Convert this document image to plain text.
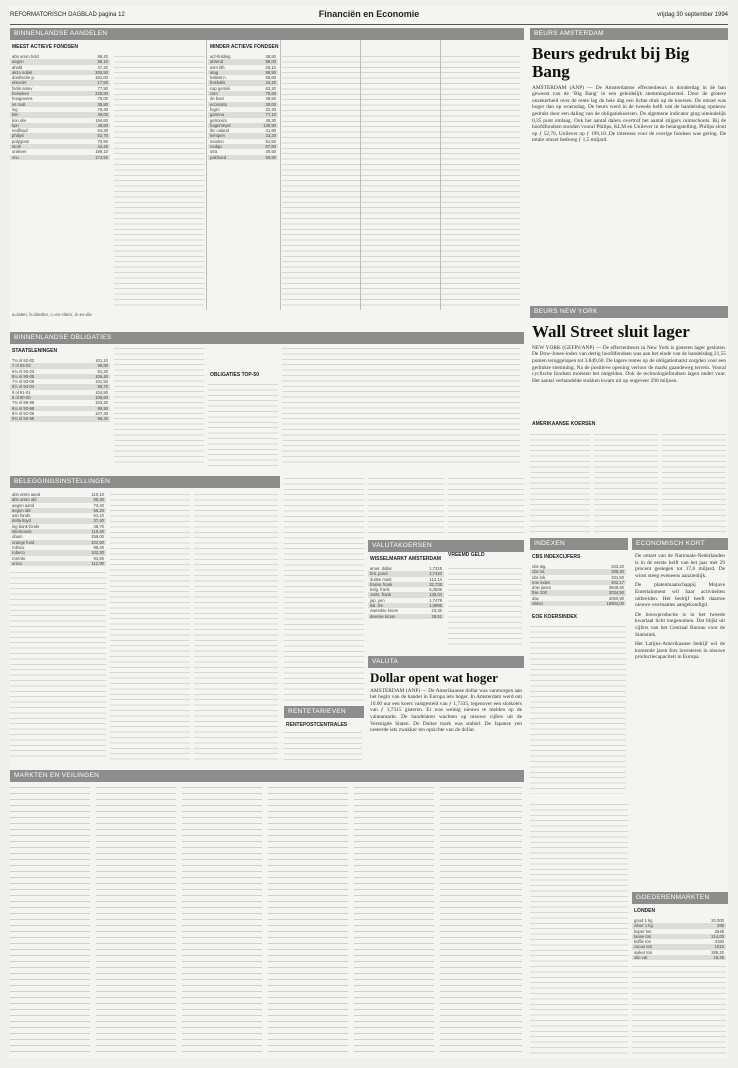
REFORMATORISCH DAGBLAD pagina 12	Financiën en Economie	vrijdag 30 september 1994
BINNENLANDSE AANDELEN
MEEST ACTIEVE FONDSEN
abn amro hold	58,40
aegon	98,10
ahold	47,20
akzo nobel	205,50
dordtsche p.	181,00
elsevier	17,50
fortis amev	77,90
heineken	229,80
hoogovens	78,00
int.mull.	35,80
ing	76,30
klm	49,00
kon.olie	194,60
kpn	49,60
nedlloyd	64,30
philips	52,70
polygram	70,90
stork	44,40
unilever	199,10
vnu	174,50
MINDER ACTIEVE FONDSEN
acf-holding	38,50
ahrend	98,00
asm lith.	25,10
atag	98,90
ballast n.	55,60
boskalis	34,40
cap gemini	63,20
csm	75,50
de boer	49,50
econosto	30,00
fugro	32,40
gamma	77,10
getronics	45,30
hagemeyer	135,90
ihc caland	41,90
kempen	23,20
moolen	51,50
nedap	87,60
otra	40,50
pakhoed	50,90
a=laten, b=bieden, c=ex-claim, d=ex-div
BINNENLANDSE OBLIGATIES
STAATSLENINGEN
7¼ nl 92-02	101,10
7 nl 93-03	99,80
6¾ nl 93-23	91,20
8¼ nl 90-05	106,40
7½ nl 93-08	101,50
6½ nl 94-04	95,70
8 nl 91-01	104,80
9 nl 90-00	108,60
7¾ nl 89-99	103,20
6¼ nl 93-98	98,90
8½ nl 91-06	107,30
5¾ nl 93-99	96,40
OBLIGATIES TOP-50
BELEGGINGSINSTELLINGEN
abn amro aand	110,10
abn amro obl	96,30
aegon aand	73,40
aegon obl	56,20
asn fonds	61,10
delta lloyd	37,40
ing bank fonds	48,70
interbonds	119,40
obam	256,00
orange fund	102,50
rolinco	96,40
robeco	102,30
rorento	91,60
unico	112,90
RENTETARIEVEN
RENTEPOSTCENTRALES
VALUTAKOERSEN
WISSELMARKT AMSTERDAM
amer. dollar	1,7315
brit. pond	2,7420
duitse mark	112,14
franse frank	32,735
belg. frank	5,4505
zwits. frank	135,04
jap. yen	1,7478
ital. lire	1,0995
zweedse kroon	23,32
deense kroon	28,61
VREEMD GELD
VALUTA
Dollar opent wat hoger
AMSTERDAM (ANP) — De Amerikaanse dollar was vanmorgen aan het begin van de handel in Europa iets hoger. In Amsterdam werd om 10.00 uur een koers vastgesteld van ƒ 1,7335, tegenover een slotkoers van ƒ 1,7315 gisteren. Er was weinig nieuws te melden op de valutamarkt. De handelaren wachten op nieuwe cijfers uit de Verenigde Staten. De Duitse mark was stabiel. De Japanse yen noteerde iets zwakker ten opzichte van de dollar.
MARKTEN EN VEILINGEN
BEURS AMSTERDAM
Beurs gedrukt bij Big Bang
AMSTERDAM (ANP) — De Amsterdamse effectenbeurs is donderdag in de ban geweest van de ‘Big Bang’ in een geleidelijk stemmingsherstel. Door de grotere onzekerheid over de rente lag de hele dag een lichte druk op de koersen. De omzet was hoger dan op woensdag. De beurs werd in de tweede helft van de handelsdag opnieuw gedrukt door een daling van de obligatiekoersen. De algemene indicator ging uiteindelijk 0,35 punt omlaag. Ook het aantal dalers overtrof het aantal stijgers ruimschoots. Bij de hoofdfondsen stonden vooral Philips, KLM en Unilever in de belangstelling. Philips sloot op ƒ 52,70, Unilever op ƒ 199,10. De interesse voor de overige fondsen was gering. De totale omzet bedroeg ƒ 1,5 miljard.
BEURS NEW YORK
Wall Street sluit lager
NEW YORK (GEFIN/ANP) — De effectenbeurs in New York is gisteren lager gesloten. De Dow-Jones-index van dertig hoofdfondsen was aan het einde van de handelsdag 21,55 punten teruggelopen tot 3.849,60. De lagere rentes op de obligatiemarkt zorgden voor een gedrukte stemming. Na de positieve opening verloor de markt gaandeweg terrein. Vooral cyclische fondsen moesten het ontgelden. Ook de technologiefondsen lagen onder vuur. Het aantal verhandelde stukken kwam uit op ongeveer 290 miljoen.
AMERIKAANSE KOERSEN
INDEXEN
CBS INDEXCIJFERS
cbs alg.	343,20
cbs int.	296,40
cbs lok.	331,50
eoe index	402,17
dow jones	3849,60
ftse 100	3034,50
dax	2060,90
nikkei	19904,00
EOE KOERSINDEX
ECONOMISCH KORT
De omzet van de Nationale-Nederlanden is in de eerste helft van het jaar met 29 procent gestegen tot 17,6 miljard. De winst steeg eveneens aanzienlijk.
De platenmaatschappij Mojave Entertainment wil haar activiteiten uitbreiden. Het bedrijf heeft daartoe nieuwe overnames aangekondigd.
De bouwproductie is in het tweede kwartaal licht toegenomen. Dat blijkt uit cijfers van het Centraal Bureau voor de Statistiek.
Het Latijns-Amerikaanse bedrijf wil de komende jaren fors investeren in nieuwe productiecapaciteit in Europa.
GOEDERENMARKTEN
LONDEN
goud 1 kg	20.300
zilver 1 kg	285
koper ton	2548
tarwe ton	214,00
koffie ton	3150
cacao ton	1015
suiker ton	285,20
olie vat	16,45
